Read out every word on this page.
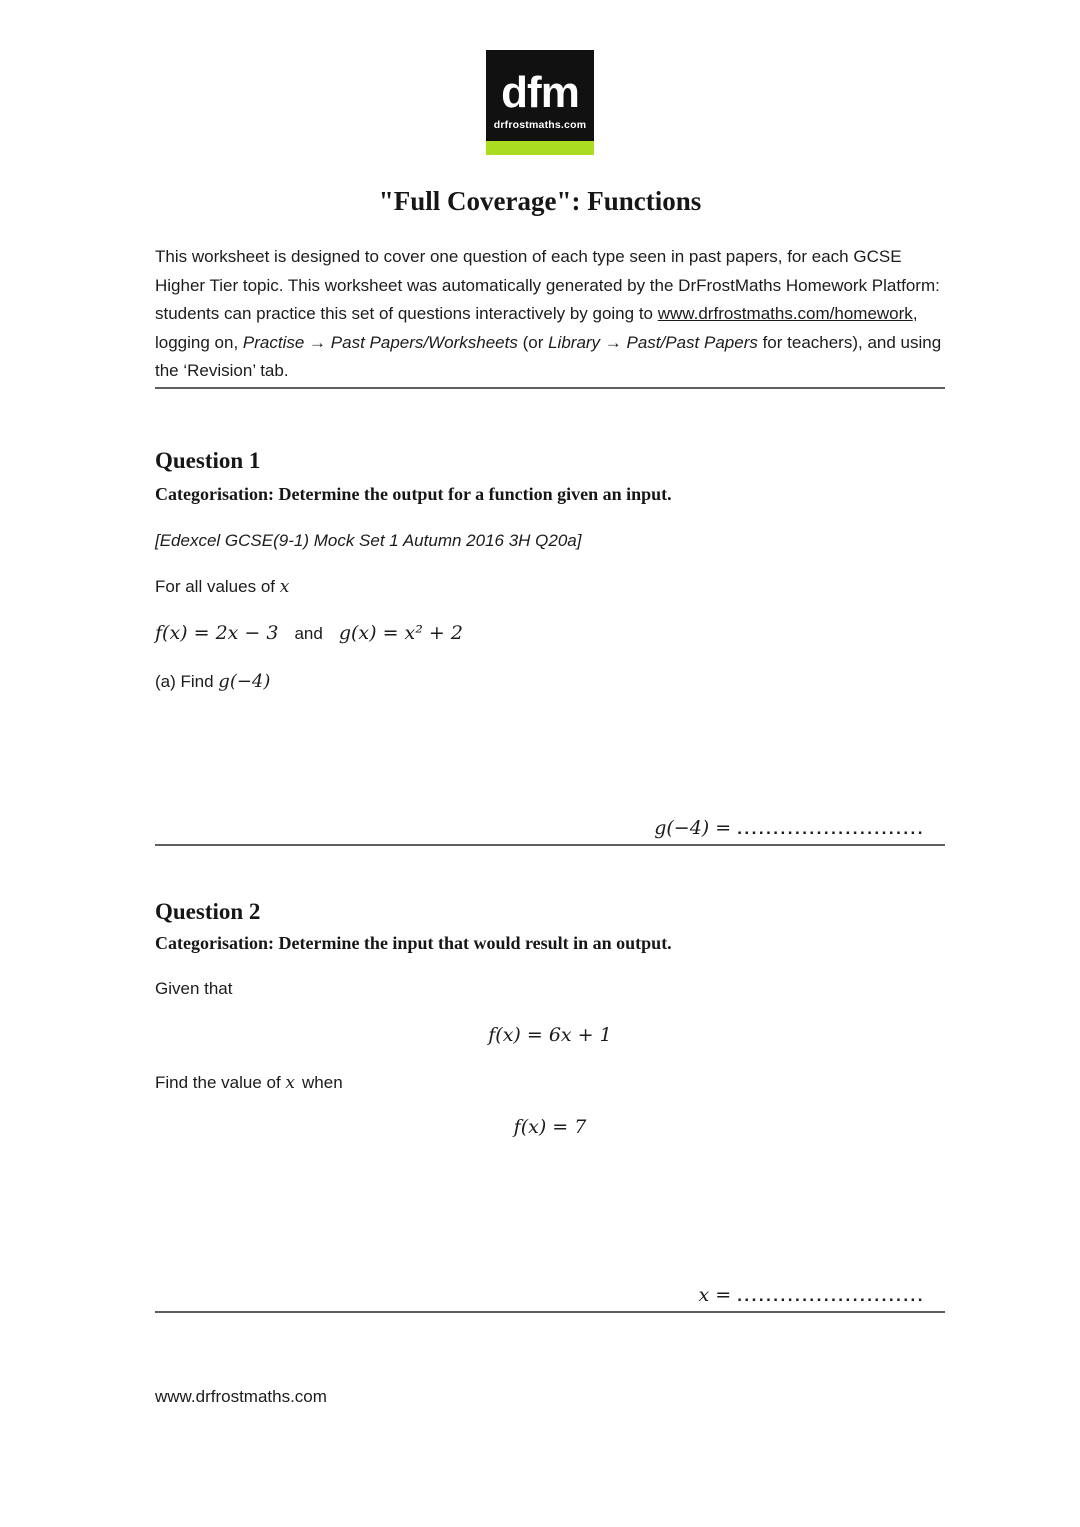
dfm
drfrostmaths.com
"Full Coverage": Functions

This worksheet is designed to cover one question of each type seen in past papers, for each GCSE Higher Tier topic. This worksheet was automatically generated by the DrFrostMaths Homework Platform: students can practice this set of questions interactively by going to www.drfrostmaths.com/homework, logging on, Practise → Past Papers/Worksheets (or Library → Past/Past Papers for teachers), and using the ‘Revision’ tab.

Question 1

Categorisation: Determine the output for a function given an input.

[Edexcel GCSE(9-1) Mock Set 1 Autumn 2016 3H Q20a]

For all values of x

f(x) = 2x − 3 and g(x) = x² + 2

(a) Find g(−4)

g(−4) = ..........................
Question 2

Categorisation: Determine the input that would result in an output.

Given that

f(x) = 6x + 1

Find the value of x when

f(x) = 7

x = ..........................

www.drfrostmaths.com
